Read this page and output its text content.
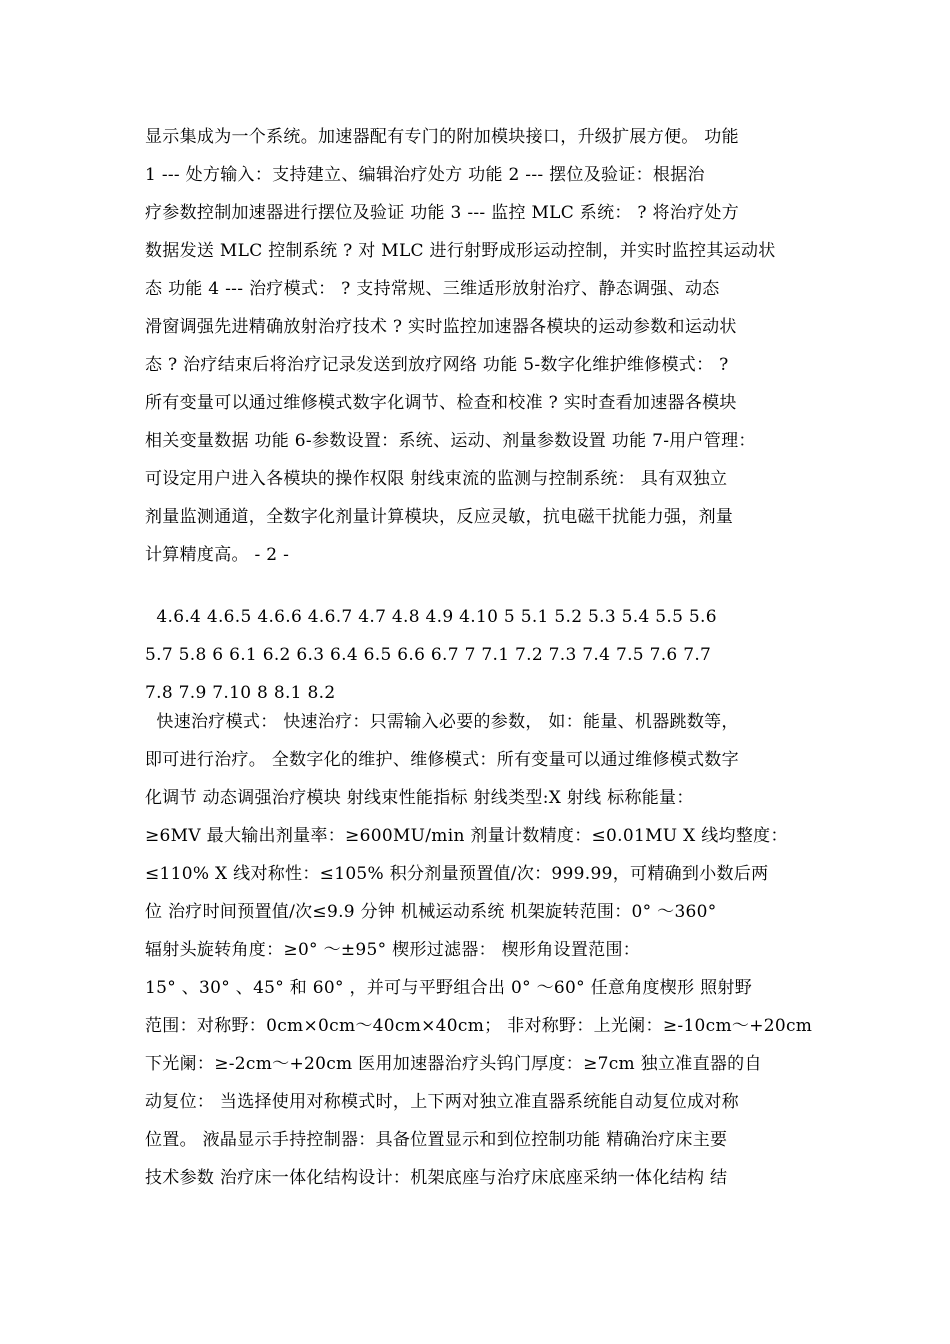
显示集成为一个系统。加速器配有专门的附加模块接口，升级扩展方便。 功能
1 --- 处方输入：支持建立、编辑治疗处方 功能 2 --- 摆位及验证：根据治
疗参数控制加速器进行摆位及验证 功能 3 --- 监控 MLC 系统： ? 将治疗处方
数据发送 MLC 控制系统 ? 对 MLC 进行射野成形运动控制，并实时监控其运动状
态 功能 4 --- 治疗模式： ? 支持常规、三维适形放射治疗、静态调强、动态
滑窗调强先进精确放射治疗技术 ? 实时监控加速器各模块的运动参数和运动状
态 ? 治疗结束后将治疗记录发送到放疗网络 功能 5-数字化维护维修模式： ?
所有变量可以通过维修模式数字化调节、检查和校准 ? 实时查看加速器各模块
相关变量数据 功能 6-参数设置：系统、运动、剂量参数设置 功能 7-用户管理：
可设定用户进入各模块的操作权限 射线束流的监测与控制系统： 具有双独立
剂量监测通道，全数字化剂量计算模块，反应灵敏，抗电磁干扰能力强，剂量
计算精度高。 - 2 -
4.6.4 4.6.5 4.6.6 4.6.7 4.7 4.8 4.9 4.10 5 5.1 5.2 5.3 5.4 5.5 5.6
5.7 5.8 6 6.1 6.2 6.3 6.4 6.5 6.6 6.7 7 7.1 7.2 7.3 7.4 7.5 7.6 7.7
7.8 7.9 7.10 8 8.1 8.2
快速治疗模式： 快速治疗：只需输入必要的参数， 如：能量、机器跳数等，
即可进行治疗。 全数字化的维护、维修模式：所有变量可以通过维修模式数字
化调节 动态调强治疗模块 射线束性能指标 射线类型:X 射线 标称能量：
≥6MV 最大输出剂量率：≥600MU/min 剂量计数精度：≤0.01MU X 线均整度：
≤110% X 线对称性：≤105% 积分剂量预置值/次：999.99，可精确到小数后两
位 治疗时间预置值/次≤9.9 分钟 机械运动系统 机架旋转范围：0° ～360°
辐射头旋转角度：≥0° ～±95° 楔形过滤器： 楔形角设置范围：
15° 、30° 、45° 和 60° ，并可与平野组合出 0° ～60° 任意角度楔形 照射野
范围：对称野：0cm×0cm～40cm×40cm； 非对称野：上光阑：≥-10cm～+20cm
下光阑：≥-2cm～+20cm 医用加速器治疗头钨门厚度：≥7cm 独立准直器的自
动复位： 当选择使用对称模式时，上下两对独立准直器系统能自动复位成对称
位置。 液晶显示手持控制器：具备位置显示和到位控制功能 精确治疗床主要
技术参数 治疗床一体化结构设计：机架底座与治疗床底座采纳一体化结构 结
